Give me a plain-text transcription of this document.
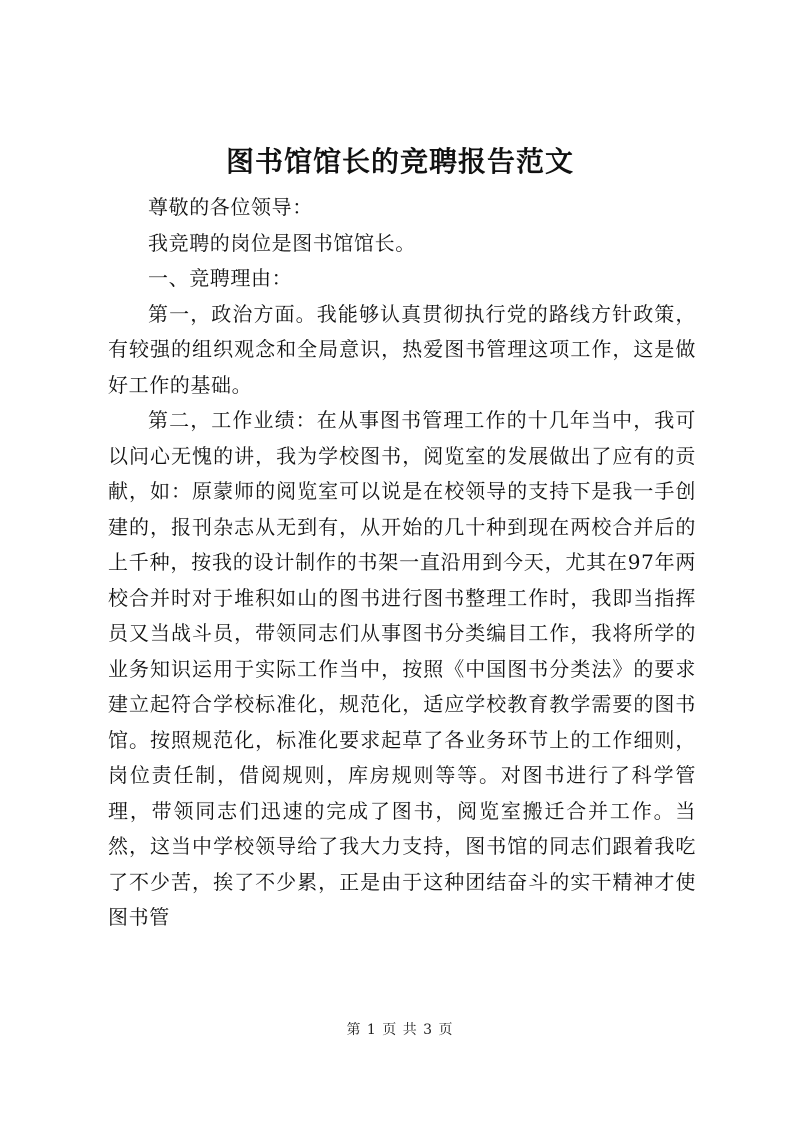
图书馆馆长的竞聘报告范文

尊敬的各位领导：

我竞聘的岗位是图书馆馆长。

一、竞聘理由：

第一，政治方面。我能够认真贯彻执行党的路线方针政策，有较强的组织观念和全局意识，热爱图书管理这项工作，这是做好工作的基础。

第二，工作业绩：在从事图书管理工作的十几年当中，我可以问心无愧的讲，我为学校图书，阅览室的发展做出了应有的贡献，如：原蒙师的阅览室可以说是在校领导的支持下是我一手创建的，报刊杂志从无到有，从开始的几十种到现在两校合并后的上千种，按我的设计制作的书架一直沿用到今天，尤其在97年两校合并时对于堆积如山的图书进行图书整理工作时，我即当指挥员又当战斗员，带领同志们从事图书分类编目工作，我将所学的业务知识运用于实际工作当中，按照《中国图书分类法》的要求建立起符合学校标准化，规范化，适应学校教育教学需要的图书馆。按照规范化，标准化要求起草了各业务环节上的工作细则，岗位责任制，借阅规则，库房规则等等。对图书进行了科学管理，带领同志们迅速的完成了图书，阅览室搬迁合并工作。当然，这当中学校领导给了我大力支持，图书馆的同志们跟着我吃了不少苦，挨了不少累，正是由于这种团结奋斗的实干精神才使图书管

第 1 页 共 3 页
